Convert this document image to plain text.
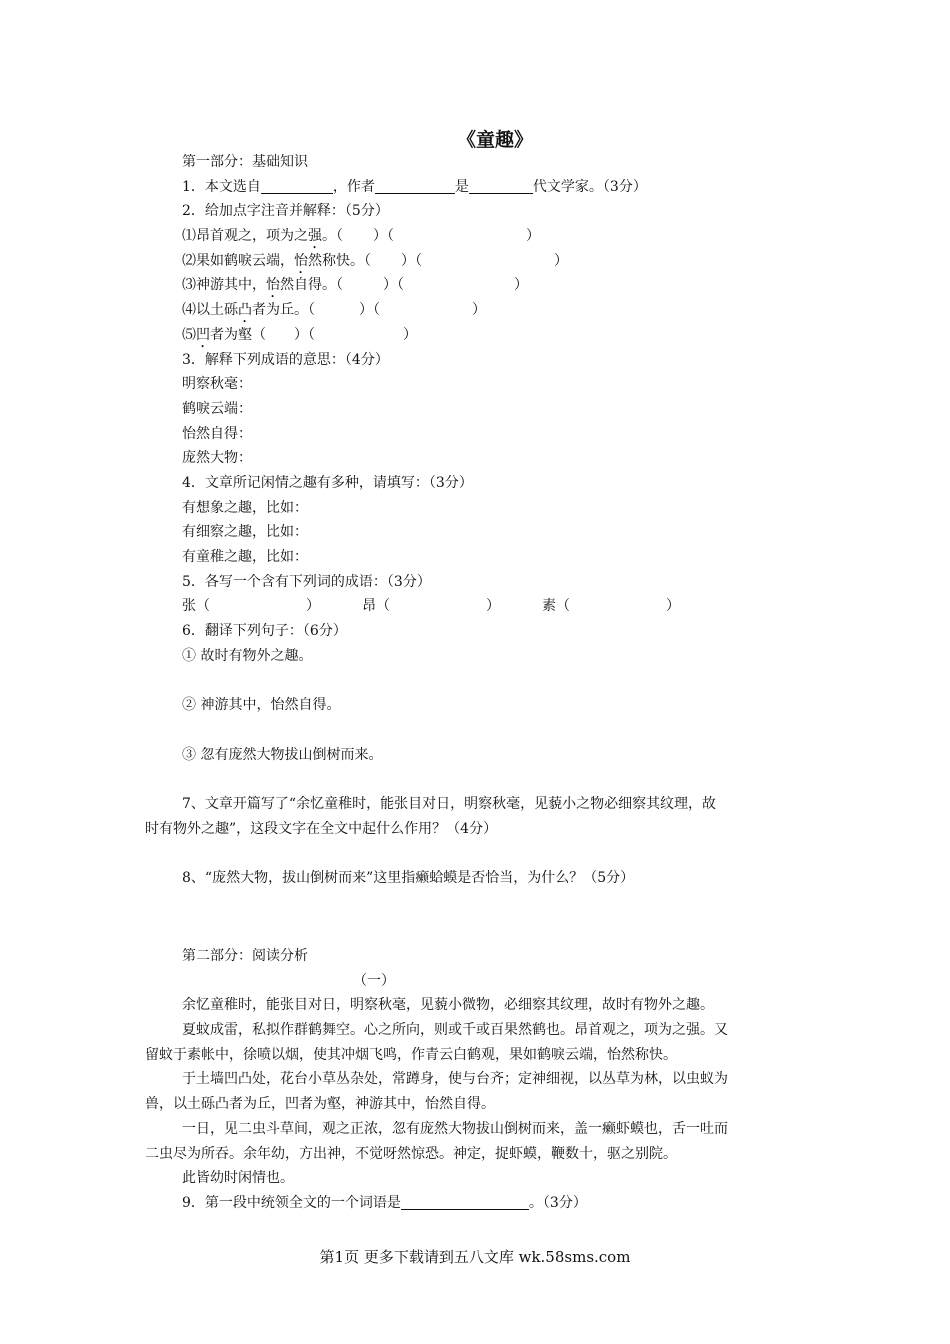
《童趣》
第一部分：基础知识
1．本文选自	，作者	是	代文学家。（3分）
2．给加点字注音并解释：（5分）
⑴昂首观之，项为之强。（ ）（	）
⑵果如鹤唳云端，怡然称快。（ ）（	）
⑶神游其中，怡然自得。（	）（	）
⑷以土砾凸者为丘。（	）（	）
⑸凹者为壑（ ）（	）
3．解释下列成语的意思：（4分）
明察秋毫：
鹤唳云端：
怡然自得：
庞然大物：
4．文章所记闲情之趣有多种，请填写：（3分）
有想象之趣，比如：
有细察之趣，比如：
有童稚之趣，比如：
5．各写一个含有下列词的成语：（3分）
张（	）	昂（	）	素（	）
6．翻译下列句子：（6分）
① 故时有物外之趣。
② 神游其中，怡然自得。
③ 忽有庞然大物拔山倒树而来。
7、文章开篇写了“余忆童稚时，能张目对日，明察秋毫，见藐小之物必细察其纹理，故
时有物外之趣”，这段文字在全文中起什么作用？（4分）
8、“庞然大物，拔山倒树而来”这里指癞蛤蟆是否恰当，为什么？（5分）
第二部分：阅读分析
（一）
余忆童稚时，能张目对日，明察秋毫，见藐小微物，必细察其纹理，故时有物外之趣。
夏蚊成雷，私拟作群鹤舞空。心之所向，则或千或百果然鹤也。昂首观之，项为之强。又
留蚊于素帐中，徐喷以烟，使其冲烟飞鸣，作青云白鹤观，果如鹤唳云端，怡然称快。
于土墙凹凸处，花台小草丛杂处，常蹲身，使与台齐；定神细视，以丛草为林，以虫蚁为
兽，以土砾凸者为丘，凹者为壑，神游其中，怡然自得。
一日，见二虫斗草间，观之正浓，忽有庞然大物拔山倒树而来，盖一癞虾蟆也，舌一吐而
二虫尽为所吞。余年幼，方出神，不觉呀然惊恐。神定，捉虾蟆，鞭数十，驱之别院。
此皆幼时闲情也。
9．第一段中统领全文的一个词语是	。（3分）
第1页 更多下载请到五八文库 wk.58sms.com
